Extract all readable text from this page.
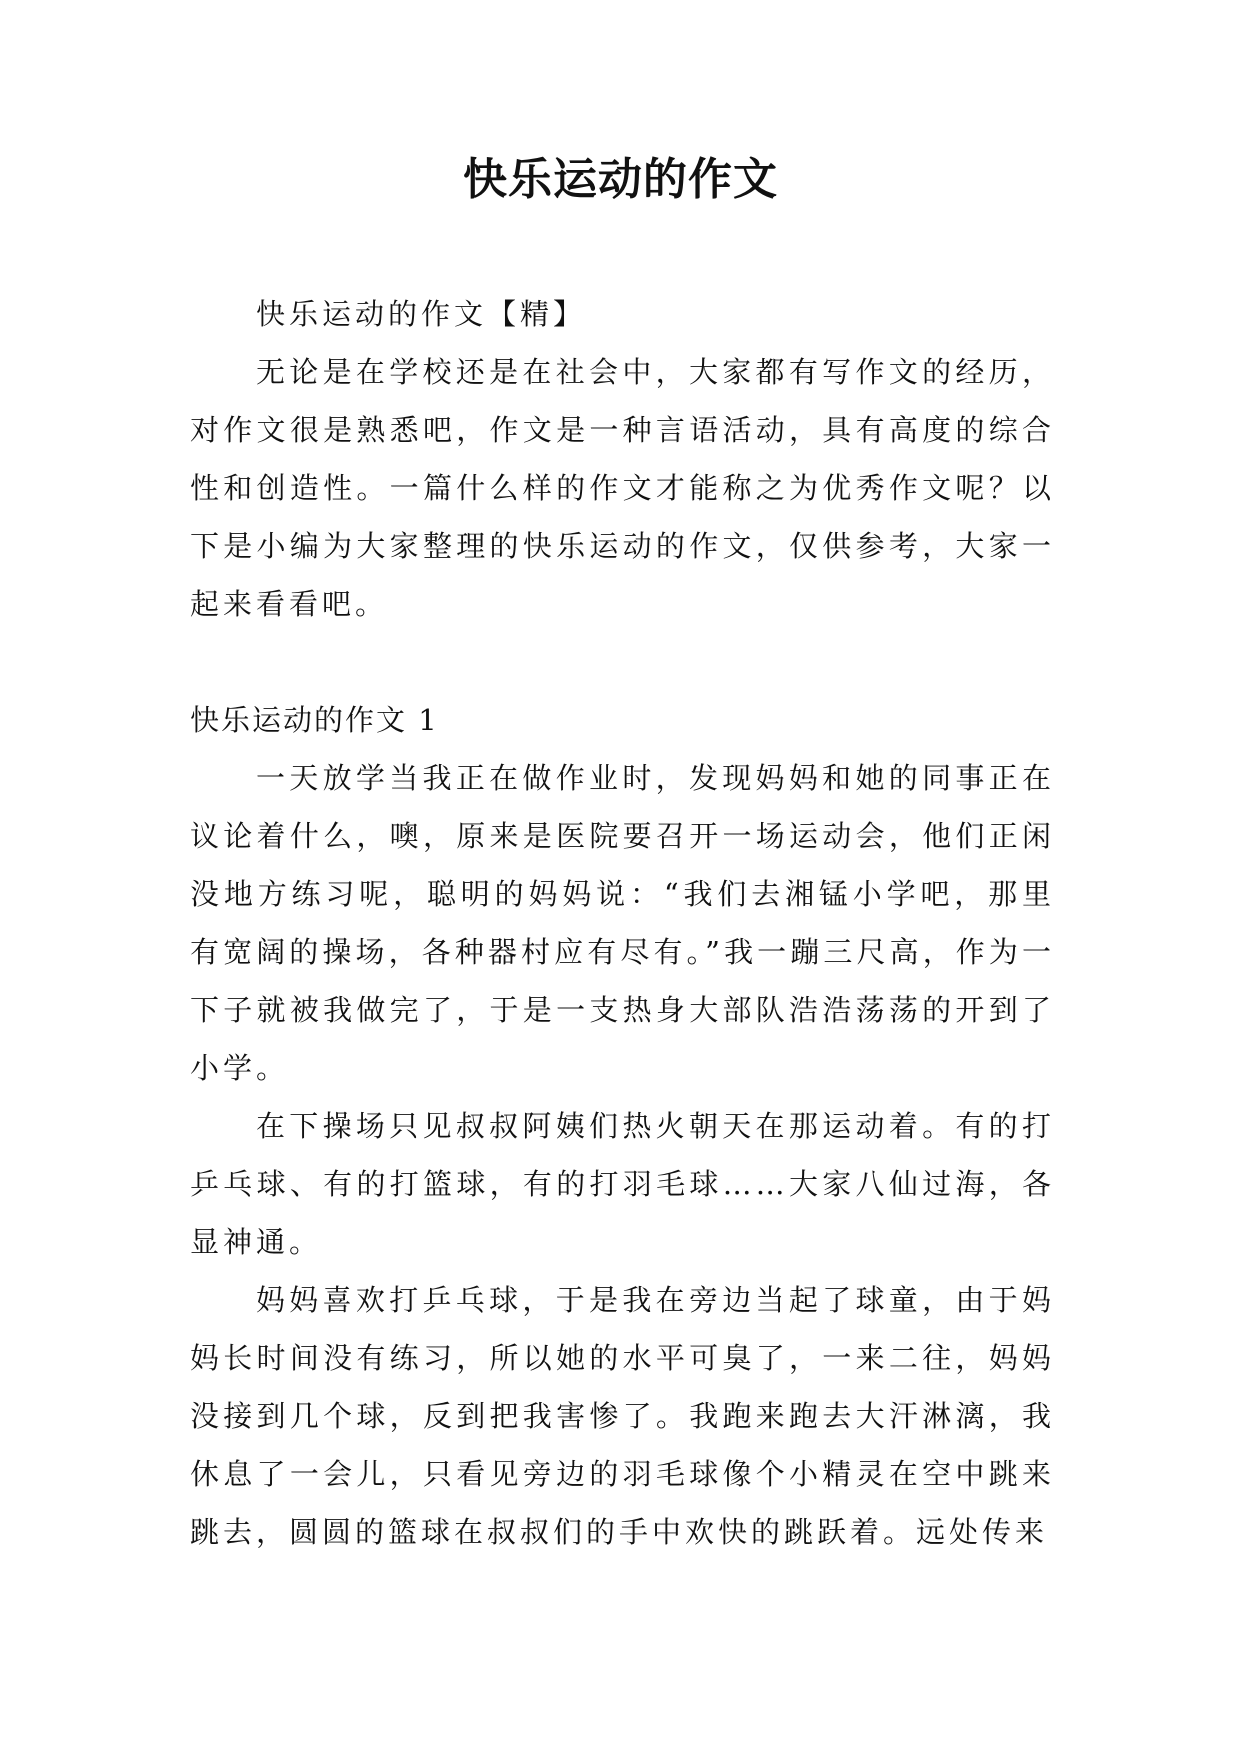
快乐运动的作文

快乐运动的作文【精】

无论是在学校还是在社会中，大家都有写作文的经历，对作文很是熟悉吧，作文是一种言语活动，具有高度的综合性和创造性。一篇什么样的作文才能称之为优秀作文呢？以下是小编为大家整理的快乐运动的作文，仅供参考，大家一起来看看吧。

快乐运动的作文 1

一天放学当我正在做作业时，发现妈妈和她的同事正在议论着什么，噢，原来是医院要召开一场运动会，他们正闲没地方练习呢，聪明的妈妈说：“我们去湘锰小学吧，那里有宽阔的操场，各种器村应有尽有。”我一蹦三尺高，作为一下子就被我做完了，于是一支热身大部队浩浩荡荡的开到了小学。

在下操场只见叔叔阿姨们热火朝天在那运动着。有的打乒乓球、有的打篮球，有的打羽毛球……大家八仙过海，各显神通。

妈妈喜欢打乒乓球，于是我在旁边当起了球童，由于妈妈长时间没有练习，所以她的水平可臭了，一来二往，妈妈没接到几个球，反到把我害惨了。我跑来跑去大汗淋漓，我休息了一会儿，只看见旁边的羽毛球像个小精灵在空中跳来跳去，圆圆的篮球在叔叔们的手中欢快的跳跃着。远处传来
